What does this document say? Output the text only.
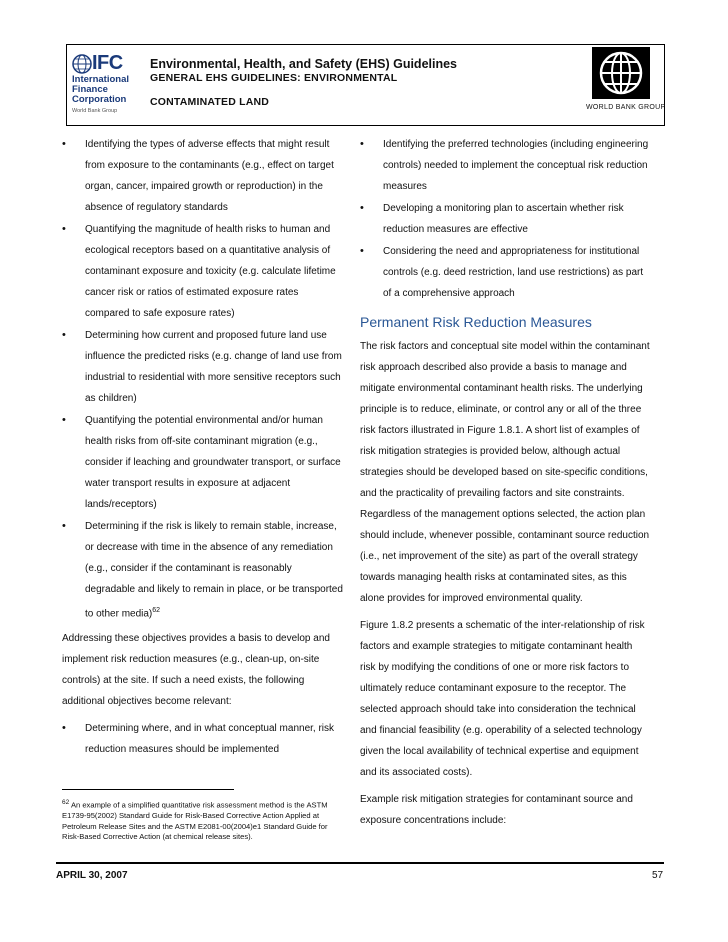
IFC
International
Finance
Corporation
World Bank Group
Environmental, Health, and Safety (EHS) Guidelines
GENERAL EHS GUIDELINES: ENVIRONMENTAL
CONTAMINATED LAND	WORLD BANK GROUP
• Identifying the types of adverse effects that might result from exposure to the contaminants (e.g., effect on target organ, cancer, impaired growth or reproduction) in the absence of regulatory standards
• Quantifying the magnitude of health risks to human and ecological receptors based on a quantitative analysis of contaminant exposure and toxicity (e.g. calculate lifetime cancer risk or ratios of estimated exposure rates compared to safe exposure rates)
• Determining how current and proposed future land use influence the predicted risks (e.g. change of land use from industrial to residential with more sensitive receptors such as children)
• Quantifying the potential environmental and/or human health risks from off-site contaminant migration (e.g., consider if leaching and groundwater transport, or surface water transport results in exposure at adjacent lands/receptors)
• Determining if the risk is likely to remain stable, increase, or decrease with time in the absence of any remediation (e.g., consider if the contaminant is reasonably degradable and likely to remain in place, or be transported to other media)$^{62}$

Addressing these objectives provides a basis to develop and implement risk reduction measures (e.g., clean-up, on-site controls) at the site. If such a need exists, the following additional objectives become relevant:

• Determining where, and in what conceptual manner, risk reduction measures should be implemented
$^{62}$ An example of a simplified quantitative risk assessment method is the ASTM E1739-95(2002) Standard Guide for Risk-Based Corrective Action Applied at Petroleum Release Sites and the ASTM E2081-00(2004)e1 Standard Guide for Risk-Based Corrective Action (at chemical release sites).
• Identifying the preferred technologies (including engineering controls) needed to implement the conceptual risk reduction measures
• Developing a monitoring plan to ascertain whether risk reduction measures are effective
• Considering the need and appropriateness for institutional controls (e.g. deed restriction, land use restrictions) as part of a comprehensive approach
Permanent Risk Reduction Measures

The risk factors and conceptual site model within the contaminant risk approach described also provide a basis to manage and mitigate environmental contaminant health risks. The underlying principle is to reduce, eliminate, or control any or all of the three risk factors illustrated in Figure 1.8.1. A short list of examples of risk mitigation strategies is provided below, although actual strategies should be developed based on site-specific conditions, and the practicality of prevailing factors and site constraints. Regardless of the management options selected, the action plan should include, whenever possible, contaminant source reduction (i.e., net improvement of the site) as part of the overall strategy towards managing health risks at contaminated sites, as this alone provides for improved environmental quality.

Figure 1.8.2 presents a schematic of the inter-relationship of risk factors and example strategies to mitigate contaminant health risk by modifying the conditions of one or more risk factors to ultimately reduce contaminant exposure to the receptor. The selected approach should take into consideration the technical and financial feasibility (e.g. operability of a selected technology given the local availability of technical expertise and equipment and its associated costs).

Example risk mitigation strategies for contaminant source and exposure concentrations include:

APRIL 30, 2007	57
